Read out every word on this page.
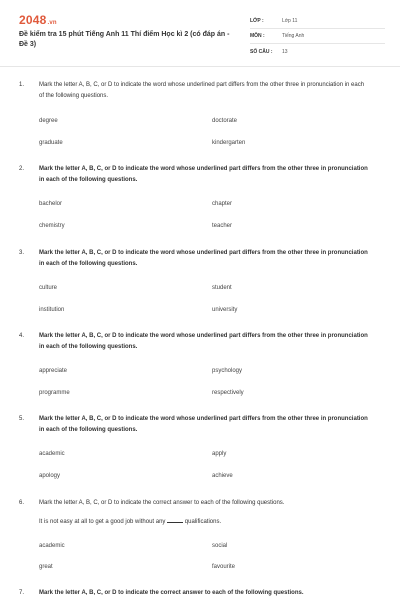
2048.vn
Đề kiểm tra 15 phút Tiếng Anh 11 Thí điểm Học kì 2 (có đáp án - Đề 3)
LỚP :	Lớp 11
MÔN :	Tiếng Anh
SỐ CÂU :	13
1.	Mark the letter A, B, C, or D to indicate the word whose underlined part differs from the other three in pronunciation in each of the following questions.
degree	doctorate
graduate	kindergarten
2.	Mark the letter A, B, C, or D to indicate the word whose underlined part differs from the other three in pronunciation in each of the following questions.
bachelor	chapter
chemistry	teacher
3.	Mark the letter A, B, C, or D to indicate the word whose underlined part differs from the other three in pronunciation in each of the following questions.
culture	student
institution	university
4.	Mark the letter A, B, C, or D to indicate the word whose underlined part differs from the other three in pronunciation in each of the following questions.
appreciate	psychology
programme	respectively
5.	Mark the letter A, B, C, or D to indicate the word whose underlined part differs from the other three in pronunciation in each of the following questions.
academic	apply
apology	achieve
6.	Mark the letter A, B, C, or D to indicate the correct answer to each of the following questions.
It is not easy at all to get a good job without any	qualifications.
academic	social
great	favourite
7.	Mark the letter A, B, C, or D to indicate the correct answer to each of the following questions.
